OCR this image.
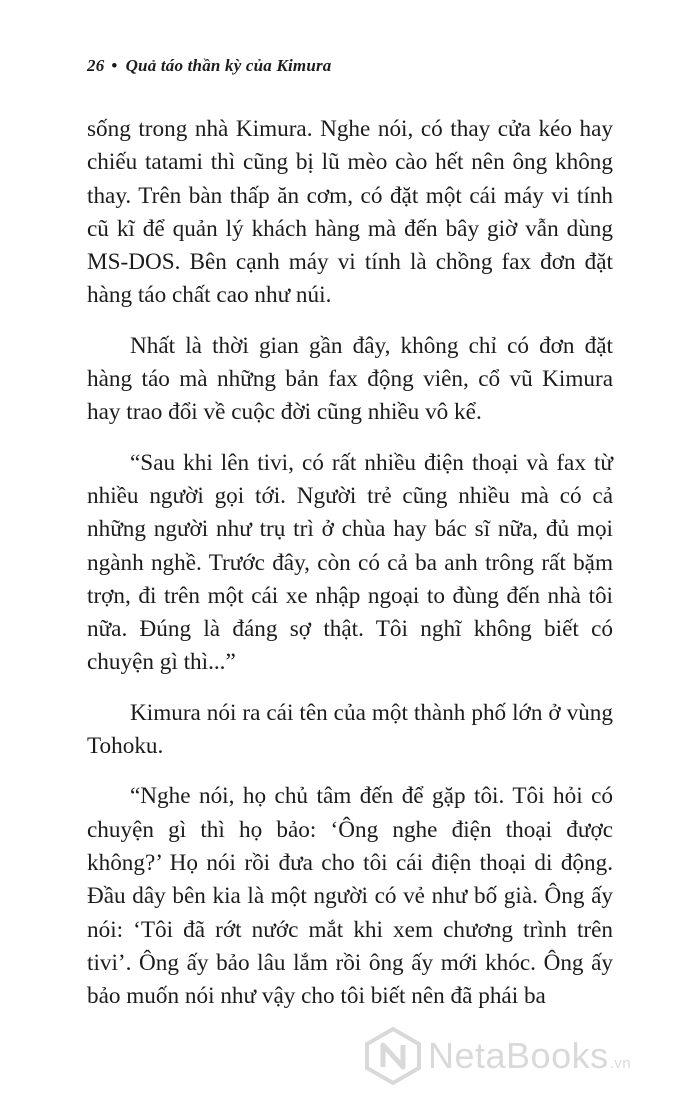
26 • Quả táo thần kỳ của Kimura

sống trong nhà Kimura. Nghe nói, có thay cửa kéo hay chiếu tatami thì cũng bị lũ mèo cào hết nên ông không thay. Trên bàn thấp ăn cơm, có đặt một cái máy vi tính cũ kĩ để quản lý khách hàng mà đến bây giờ vẫn dùng MS-DOS. Bên cạnh máy vi tính là chồng fax đơn đặt hàng táo chất cao như núi.

Nhất là thời gian gần đây, không chỉ có đơn đặt hàng táo mà những bản fax động viên, cổ vũ Kimura hay trao đổi về cuộc đời cũng nhiều vô kể.

“Sau khi lên tivi, có rất nhiều điện thoại và fax từ nhiều người gọi tới. Người trẻ cũng nhiều mà có cả những người như trụ trì ở chùa hay bác sĩ nữa, đủ mọi ngành nghề. Trước đây, còn có cả ba anh trông rất bặm trợn, đi trên một cái xe nhập ngoại to đùng đến nhà tôi nữa. Đúng là đáng sợ thật. Tôi nghĩ không biết có chuyện gì thì...”

Kimura nói ra cái tên của một thành phố lớn ở vùng Tohoku.

“Nghe nói, họ chủ tâm đến để gặp tôi. Tôi hỏi có chuyện gì thì họ bảo: ‘Ông nghe điện thoại được không?’ Họ nói rồi đưa cho tôi cái điện thoại di động. Đầu dây bên kia là một người có vẻ như bố già. Ông ấy nói: ‘Tôi đã rớt nước mắt khi xem chương trình trên tivi’. Ông ấy bảo lâu lắm rồi ông ấy mới khóc. Ông ấy bảo muốn nói như vậy cho tôi biết nên đã phái ba

NetaBooks.vn
